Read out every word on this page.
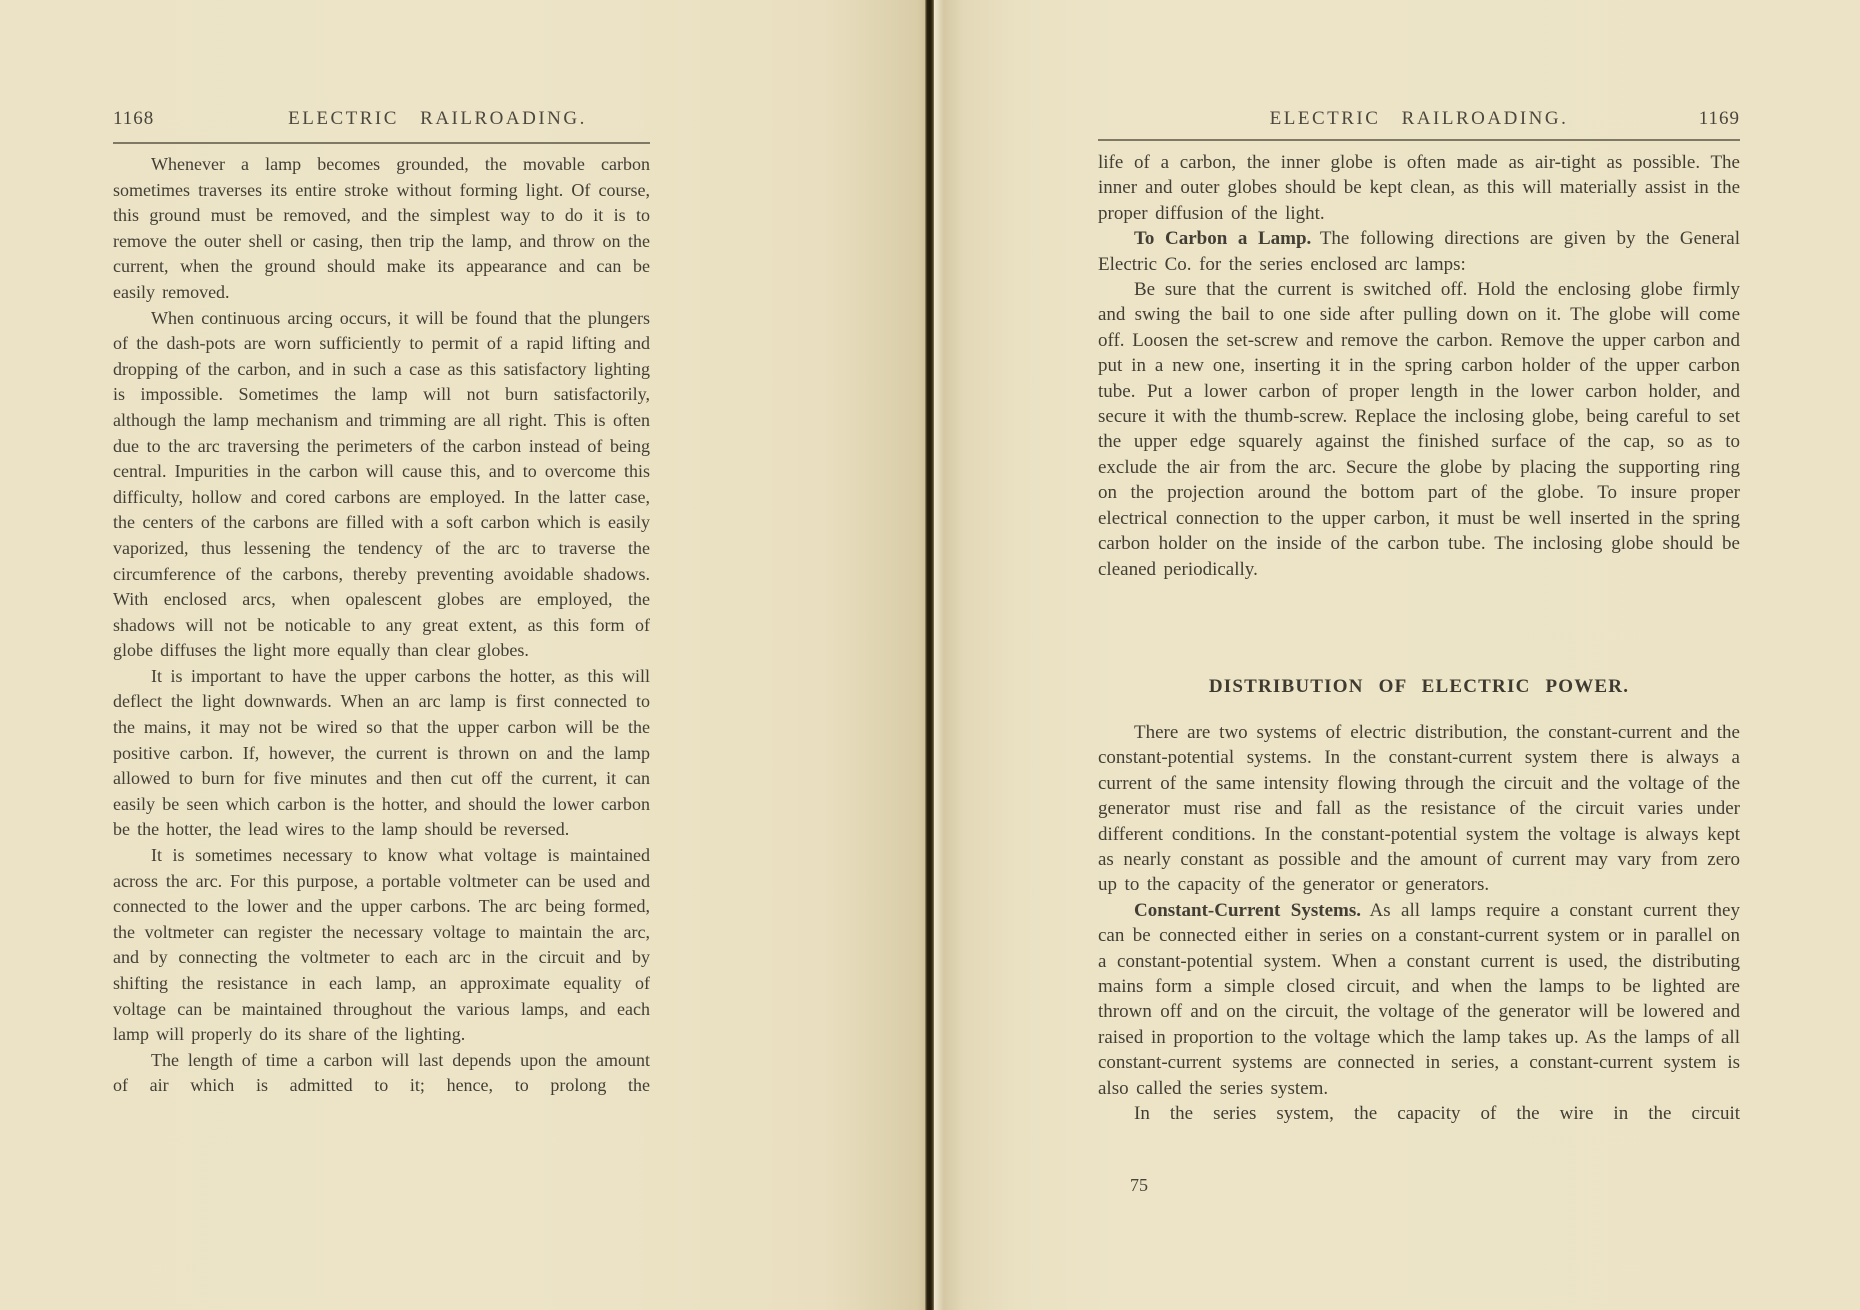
1168	ELECTRIC RAILROADING.

Whenever a lamp becomes grounded, the movable carbon sometimes traverses its entire stroke without forming light. Of course, this ground must be removed, and the simplest way to do it is to remove the outer shell or casing, then trip the lamp, and throw on the current, when the ground should make its appearance and can be easily removed.

When continuous arcing occurs, it will be found that the plungers of the dash-pots are worn sufficiently to permit of a rapid lifting and dropping of the carbon, and in such a case as this satisfactory lighting is impossible. Sometimes the lamp will not burn satisfactorily, although the lamp mechanism and trimming are all right. This is often due to the arc traversing the perimeters of the carbon instead of being central. Impurities in the carbon will cause this, and to overcome this difficulty, hollow and cored carbons are employed. In the latter case, the centers of the carbons are filled with a soft carbon which is easily vaporized, thus lessening the tendency of the arc to traverse the circumference of the carbons, thereby preventing avoidable shadows. With enclosed arcs, when opalescent globes are employed, the shadows will not be noticable to any great extent, as this form of globe diffuses the light more equally than clear globes.

It is important to have the upper carbons the hotter, as this will deflect the light downwards. When an arc lamp is first connected to the mains, it may not be wired so that the upper carbon will be the positive carbon. If, however, the current is thrown on and the lamp allowed to burn for five minutes and then cut off the current, it can easily be seen which carbon is the hotter, and should the lower carbon be the hotter, the lead wires to the lamp should be reversed.

It is sometimes necessary to know what voltage is maintained across the arc. For this purpose, a portable voltmeter can be used and connected to the lower and the upper carbons. The arc being formed, the voltmeter can register the necessary voltage to maintain the arc, and by connecting the voltmeter to each arc in the circuit and by shifting the resistance in each lamp, an approximate equality of voltage can be maintained throughout the various lamps, and each lamp will properly do its share of the lighting.

The length of time a carbon will last depends upon the amount of air which is admitted to it; hence, to prolong the

ELECTRIC RAILROADING.	1169

life of a carbon, the inner globe is often made as air-tight as possible. The inner and outer globes should be kept clean, as this will materially assist in the proper diffusion of the light.

To Carbon a Lamp. The following directions are given by the General Electric Co. for the series enclosed arc lamps:

Be sure that the current is switched off. Hold the enclosing globe firmly and swing the bail to one side after pulling down on it. The globe will come off. Loosen the set-screw and remove the carbon. Remove the upper carbon and put in a new one, inserting it in the spring carbon holder of the upper carbon tube. Put a lower carbon of proper length in the lower carbon holder, and secure it with the thumb-screw. Replace the inclosing globe, being careful to set the upper edge squarely against the finished surface of the cap, so as to exclude the air from the arc. Secure the globe by placing the supporting ring on the projection around the bottom part of the globe. To insure proper electrical connection to the upper carbon, it must be well inserted in the spring carbon holder on the inside of the carbon tube. The inclosing globe should be cleaned periodically.

DISTRIBUTION OF ELECTRIC POWER.

There are two systems of electric distribution, the constant-current and the constant-potential systems. In the constant-current system there is always a current of the same intensity flowing through the circuit and the voltage of the generator must rise and fall as the resistance of the circuit varies under different conditions. In the constant-potential system the voltage is always kept as nearly constant as possible and the amount of current may vary from zero up to the capacity of the generator or generators.

Constant-Current Systems. As all lamps require a constant current they can be connected either in series on a constant-current system or in parallel on a constant-potential system. When a constant current is used, the distributing mains form a simple closed circuit, and when the lamps to be lighted are thrown off and on the circuit, the voltage of the generator will be lowered and raised in proportion to the voltage which the lamp takes up. As the lamps of all constant-current systems are connected in series, a constant-current system is also called the series system.

In the series system, the capacity of the wire in the circuit

75
